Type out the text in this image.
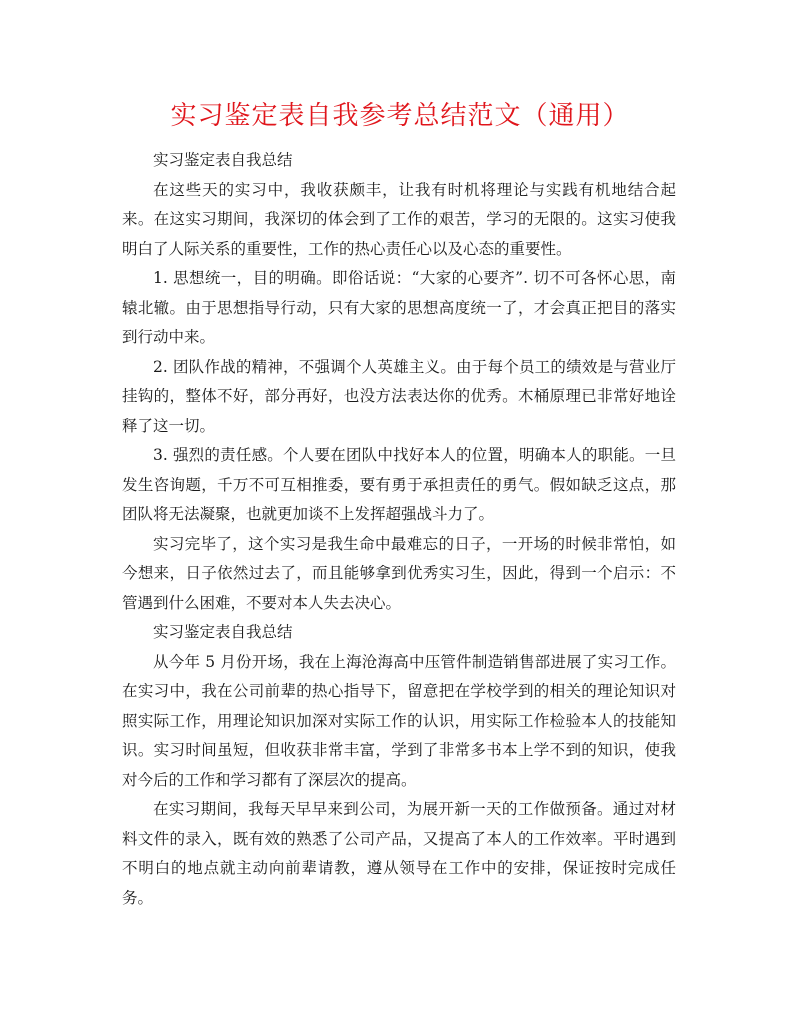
实习鉴定表自我参考总结范文（通用）

实习鉴定表自我总结

在这些天的实习中，我收获颇丰，让我有时机将理论与实践有机地结合起来。在这实习期间，我深切的体会到了工作的艰苦，学习的无限的。这实习使我明白了人际关系的重要性，工作的热心责任心以及心态的重要性。

1. 思想统一，目的明确。即俗话说：“大家的心要齐”. 切不可各怀心思，南辕北辙。由于思想指导行动，只有大家的思想高度统一了，才会真正把目的落实到行动中来。

2. 团队作战的精神，不强调个人英雄主义。由于每个员工的绩效是与营业厅挂钩的，整体不好，部分再好，也没方法表达你的优秀。木桶原理已非常好地诠释了这一切。

3. 强烈的责任感。个人要在团队中找好本人的位置，明确本人的职能。一旦发生咨询题，千万不可互相推委，要有勇于承担责任的勇气。假如缺乏这点，那团队将无法凝聚，也就更加谈不上发挥超强战斗力了。

实习完毕了，这个实习是我生命中最难忘的日子，一开场的时候非常怕，如今想来，日子依然过去了，而且能够拿到优秀实习生，因此，得到一个启示：不管遇到什么困难，不要对本人失去决心。

实习鉴定表自我总结

从今年 5 月份开场，我在上海沧海高中压管件制造销售部进展了实习工作。在实习中，我在公司前辈的热心指导下，留意把在学校学到的相关的理论知识对照实际工作，用理论知识加深对实际工作的认识，用实际工作检验本人的技能知识。实习时间虽短，但收获非常丰富，学到了非常多书本上学不到的知识，使我对今后的工作和学习都有了深层次的提高。

在实习期间，我每天早早来到公司，为展开新一天的工作做预备。通过对材料文件的录入，既有效的熟悉了公司产品，又提高了本人的工作效率。平时遇到不明白的地点就主动向前辈请教，遵从领导在工作中的安排，保证按时完成任务。
